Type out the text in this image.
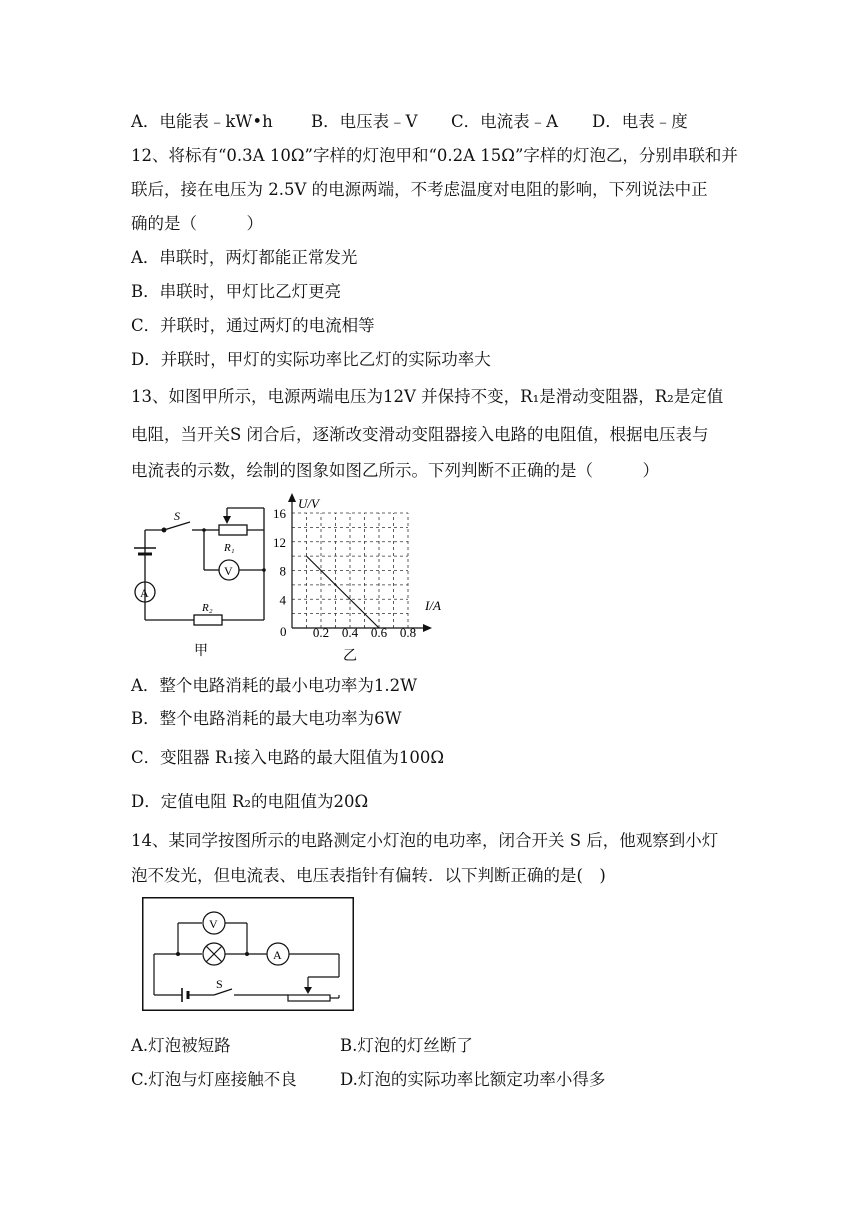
A．电能表﹣kW•h B．电压表﹣V C．电流表﹣A D．电表﹣度
12、将标有“0.3A 10Ω”字样的灯泡甲和“0.2A 15Ω”字样的灯泡乙，分别串联和并
联后，接在电压为 2.5V 的电源两端，不考虑温度对电阻的影响，下列说法中正
确的是（　　　）
A．串联时，两灯都能正常发光
B．串联时，甲灯比乙灯更亮
C．并联时，通过两灯的电流相等
D．并联时，甲灯的实际功率比乙灯的实际功率大
13、如图甲所示，电源两端电压为12V 并保持不变，R₁是滑动变阻器，R₂是定值
电阻，当开关S 闭合后，逐渐改变滑动变阻器接入电路的电阻值，根据电压表与
电流表的示数，绘制的图象如图乙所示。下列判断不正确的是（　　　）
S
R₁
V
A
R₂
甲
0.2 0.4 0.6 0.8
4
8
12
16
U/V
I/A
0
乙
A．整个电路消耗的最小电功率为1.2W
B．整个电路消耗的最大电功率为6W
C．变阻器 R₁接入电路的最大阻值为100Ω
D．定值电阻 R₂的电阻值为20Ω
14、某同学按图所示的电路测定小灯泡的电功率，闭合开关 S 后，他观察到小灯
泡不发光，但电流表、电压表指针有偏转．以下判断正确的是(　)
V
A
S
A.灯泡被短路	B.灯泡的灯丝断了
C.灯泡与灯座接触不良	D.灯泡的实际功率比额定功率小得多
